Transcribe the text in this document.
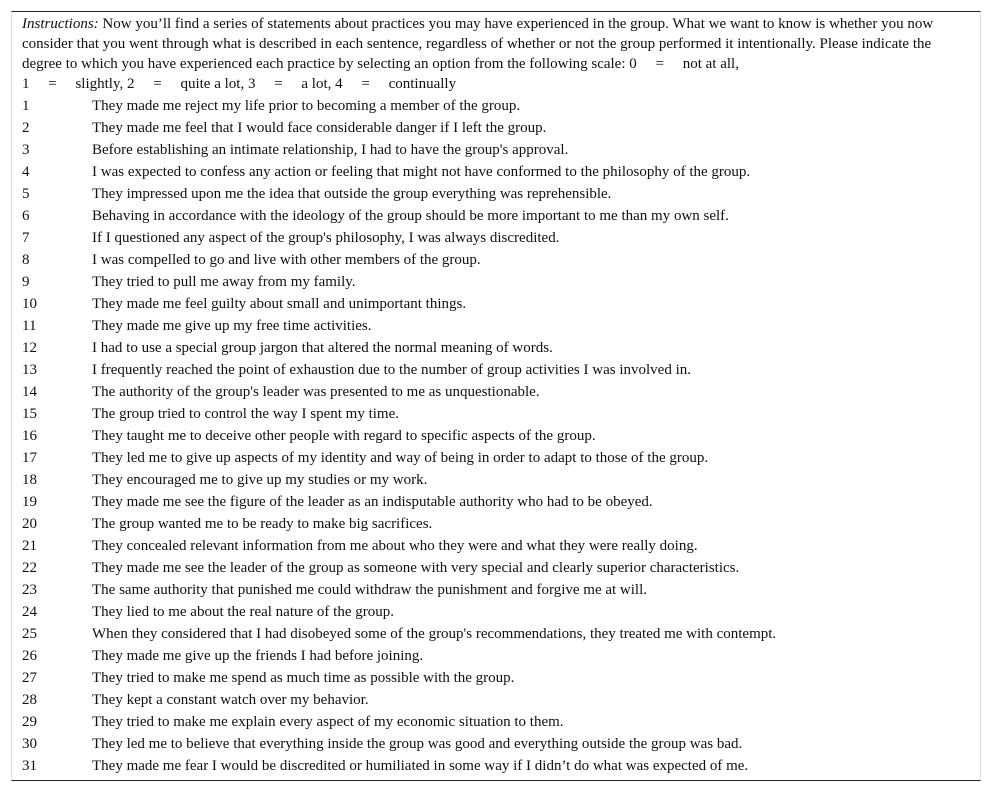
Instructions: Now you’ll find a series of statements about practices you may have experienced in the group. What we want to know is whether you now consider that you went through what is described in each sentence, regardless of whether or not the group performed it intentionally. Please indicate the degree to which you have experienced each practice by selecting an option from the following scale: 0  =  not at all,
1  =  slightly, 2  =  quite a lot, 3  =  a lot, 4  =  continually
1	They made me reject my life prior to becoming a member of the group.
2	They made me feel that I would face considerable danger if I left the group.
3	Before establishing an intimate relationship, I had to have the group's approval.
4	I was expected to confess any action or feeling that might not have conformed to the philosophy of the group.
5	They impressed upon me the idea that outside the group everything was reprehensible.
6	Behaving in accordance with the ideology of the group should be more important to me than my own self.
7	If I questioned any aspect of the group's philosophy, I was always discredited.
8	I was compelled to go and live with other members of the group.
9	They tried to pull me away from my family.
10	They made me feel guilty about small and unimportant things.
11	They made me give up my free time activities.
12	I had to use a special group jargon that altered the normal meaning of words.
13	I frequently reached the point of exhaustion due to the number of group activities I was involved in.
14	The authority of the group's leader was presented to me as unquestionable.
15	The group tried to control the way I spent my time.
16	They taught me to deceive other people with regard to specific aspects of the group.
17	They led me to give up aspects of my identity and way of being in order to adapt to those of the group.
18	They encouraged me to give up my studies or my work.
19	They made me see the figure of the leader as an indisputable authority who had to be obeyed.
20	The group wanted me to be ready to make big sacrifices.
21	They concealed relevant information from me about who they were and what they were really doing.
22	They made me see the leader of the group as someone with very special and clearly superior characteristics.
23	The same authority that punished me could withdraw the punishment and forgive me at will.
24	They lied to me about the real nature of the group.
25	When they considered that I had disobeyed some of the group's recommendations, they treated me with contempt.
26	They made me give up the friends I had before joining.
27	They tried to make me spend as much time as possible with the group.
28	They kept a constant watch over my behavior.
29	They tried to make me explain every aspect of my economic situation to them.
30	They led me to believe that everything inside the group was good and everything outside the group was bad.
31	They made me fear I would be discredited or humiliated in some way if I didn’t do what was expected of me.
